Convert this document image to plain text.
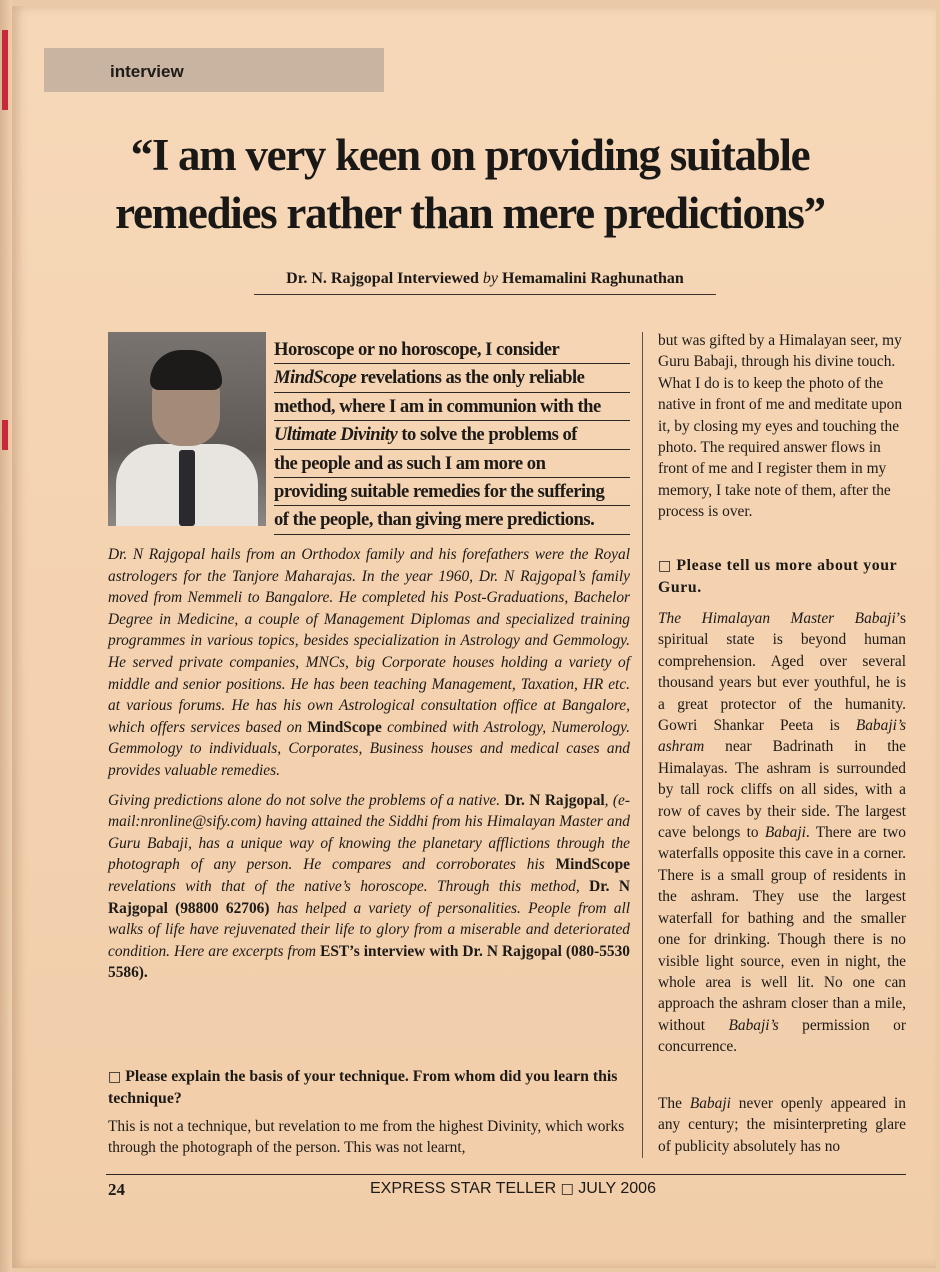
interview
“I am very keen on providing suitable
remedies rather than mere predictions”
Dr. N. Rajgopal Interviewed by Hemamalini Raghunathan
Horoscope or no horoscope, I consider
MindScope revelations as the only reliable
method, where I am in communion with the
Ultimate Divinity to solve the problems of
the people and as such I am more on
providing suitable remedies for the suffering
of the people, than giving mere predictions.

Dr. N Rajgopal hails from an Orthodox family and his forefathers were the Royal astrologers for the Tanjore Maharajas. In the year 1960, Dr. N Rajgopal’s family moved from Nemmeli to Bangalore. He completed his Post-Graduations, Bachelor Degree in Medicine, a couple of Management Diplomas and specialized training programmes in various topics, besides specialization in Astrology and Gemmology. He served private companies, MNCs, big Corporate houses holding a variety of middle and senior positions. He has been teaching Management, Taxation, HR etc. at various forums. He has his own Astrological consultation office at Bangalore, which offers services based on MindScope combined with Astrology, Numerology. Gemmology to individuals, Corporates, Business houses and medical cases and provides valuable remedies.

Giving predictions alone do not solve the problems of a native. Dr. N Rajgopal, (e-mail:nronline@sify.com) having attained the Siddhi from his Himalayan Master and Guru Babaji, has a unique way of knowing the planetary afflictions through the photograph of any person. He compares and corroborates his MindScope revelations with that of the native’s horoscope. Through this method, Dr. N Rajgopal (98800 62706) has helped a variety of personalities. People from all walks of life have rejuvenated their life to glory from a miserable and deteriorated condition. Here are excerpts from EST’s interview with Dr. N Rajgopal (080-5530 5586).

□ Please explain the basis of your technique. From whom did you learn this technique?
This is not a technique, but revelation to me from the highest Divinity, which works through the photograph of the person. This was not learnt,

but was gifted by a Himalayan seer, my Guru Babaji, through his divine touch. What I do is to keep the photo of the native in front of me and meditate upon it, by closing my eyes and touching the photo. The required answer flows in front of me and I register them in my memory, I take note of them, after the process is over.

□ Please tell us more about your Guru.

The Himalayan Master Babaji’s spiritual state is beyond human comprehension. Aged over several thousand years but ever youthful, he is a great protector of the humanity. Gowri Shankar Peeta is Babaji’s ashram near Badrinath in the Himalayas. The ashram is surrounded by tall rock cliffs on all sides, with a row of caves by their side. The largest cave belongs to Babaji. There are two waterfalls opposite this cave in a corner. There is a small group of residents in the ashram. They use the largest waterfall for bathing and the smaller one for drinking. Though there is no visible light source, even in night, the whole area is well lit. No one can approach the ashram closer than a mile, without Babaji’s permission or concurrence.

The Babaji never openly appeared in any century; the misinterpreting glare of publicity absolutely has no

24	EXPRESS STAR TELLER □ JULY 2006
